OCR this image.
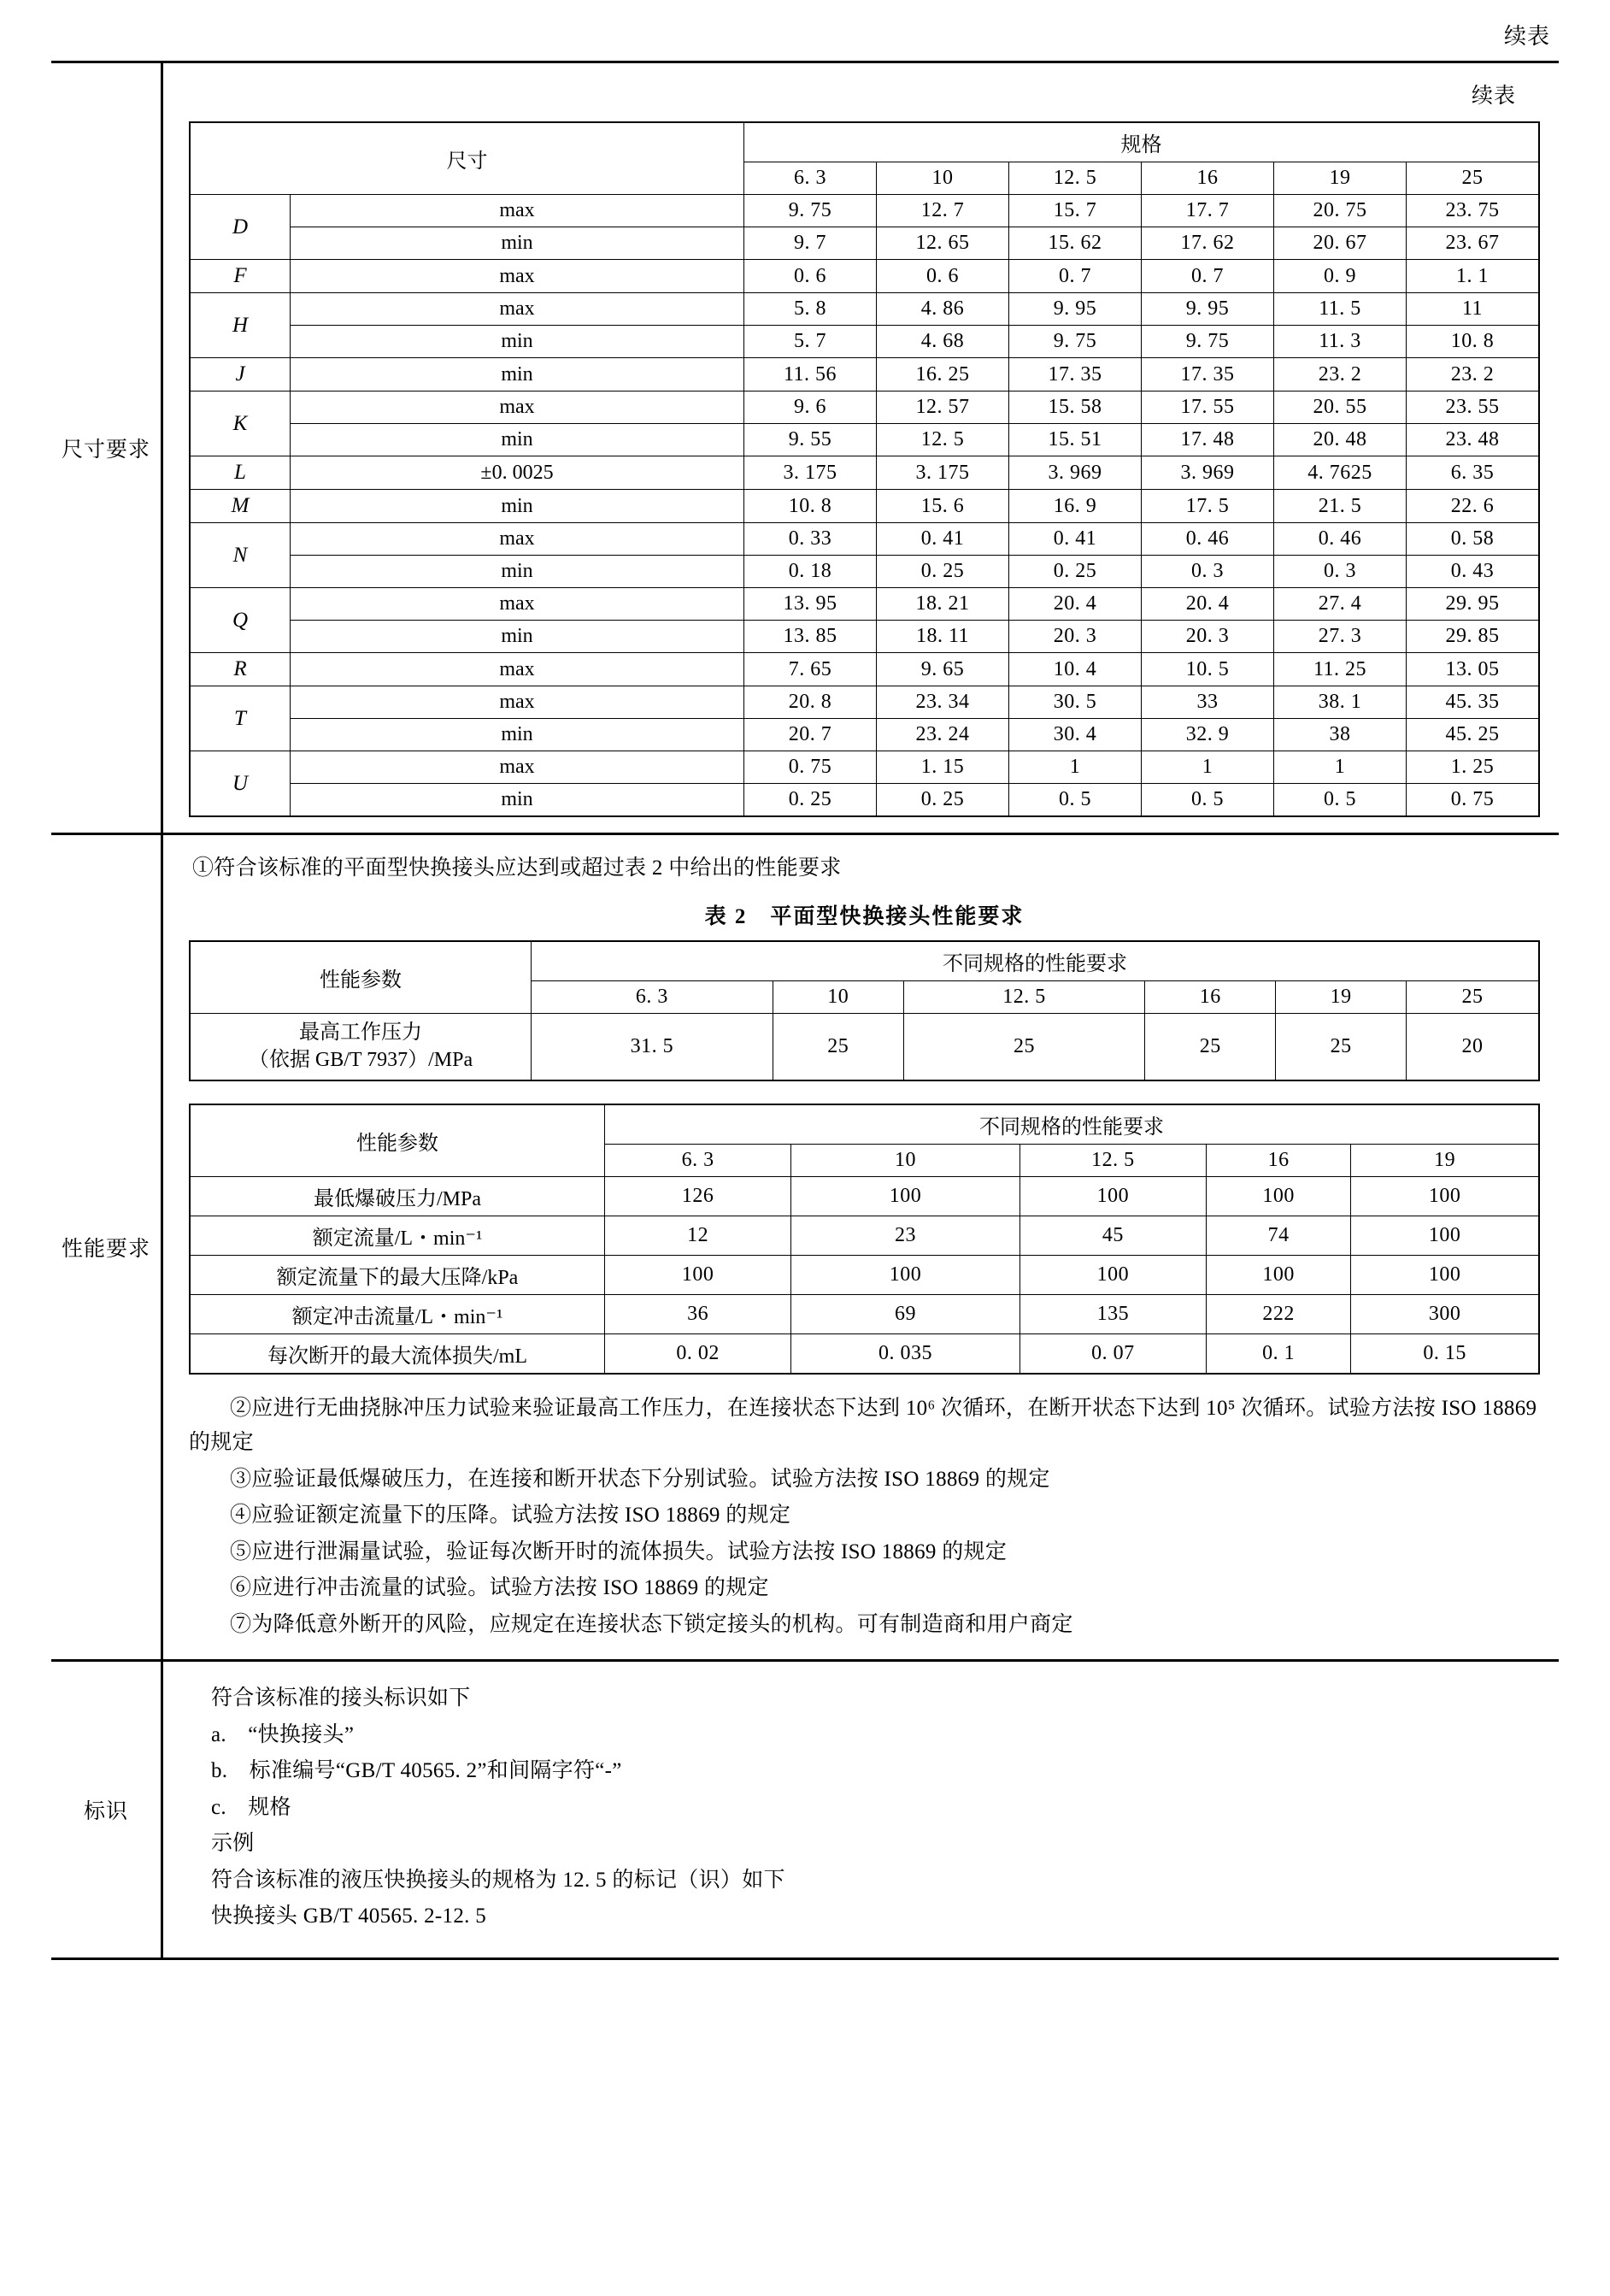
续表
尺寸要求
续表
尺寸		规格					
		6. 3	10	12. 5	16	19	25
D	max	9. 75	12. 7	15. 7	17. 7	20. 75	23. 75
	min	9. 7	12. 65	15. 62	17. 62	20. 67	23. 67
F	max	0. 6	0. 6	0. 7	0. 7	0. 9	1. 1
H	max	5. 8	4. 86	9. 95	9. 95	11. 5	11
	min	5. 7	4. 68	9. 75	9. 75	11. 3	10. 8
J	min	11. 56	16. 25	17. 35	17. 35	23. 2	23. 2
K	max	9. 6	12. 57	15. 58	17. 55	20. 55	23. 55
	min	9. 55	12. 5	15. 51	17. 48	20. 48	23. 48
L	±0. 0025	3. 175	3. 175	3. 969	3. 969	4. 7625	6. 35
M	min	10. 8	15. 6	16. 9	17. 5	21. 5	22. 6
N	max	0. 33	0. 41	0. 41	0. 46	0. 46	0. 58
	min	0. 18	0. 25	0. 25	0. 3	0. 3	0. 43
Q	max	13. 95	18. 21	20. 4	20. 4	27. 4	29. 95
	min	13. 85	18. 11	20. 3	20. 3	27. 3	29. 85
R	max	7. 65	9. 65	10. 4	10. 5	11. 25	13. 05
T	max	20. 8	23. 34	30. 5	33	38. 1	45. 35
	min	20. 7	23. 24	30. 4	32. 9	38	45. 25
U	max	0. 75	1. 15	1	1	1	1. 25
	min	0. 25	0. 25	0. 5	0. 5	0. 5	0. 75
性能要求
①符合该标准的平面型快换接头应达到或超过表 2 中给出的性能要求
表 2　平面型快换接头性能要求
性能参数	不同规格的性能要求					
	6. 3	10	12. 5	16	19	25

最高工作压力
（依据 GB/T 7937）/MPa	31. 5	25	25	25	25	20
性能参数	不同规格的性能要求				
	6. 3	10	12. 5	16	19
最低爆破压力/MPa	126	100	100	100	100
额定流量/L・min⁻¹	12	23	45	74	100
额定流量下的最大压降/kPa	100	100	100	100	100
额定冲击流量/L・min⁻¹	36	69	135	222	300
每次断开的最大流体损失/mL	0. 02	0. 035	0. 07	0. 1	0. 15
②应进行无曲挠脉冲压力试验来验证最高工作压力，在连接状态下达到 10⁶ 次循环，在断开状态下达到 10⁵ 次循环。试验方法按 ISO 18869 的规定
③应验证最低爆破压力，在连接和断开状态下分别试验。试验方法按 ISO 18869 的规定
④应验证额定流量下的压降。试验方法按 ISO 18869 的规定
⑤应进行泄漏量试验，验证每次断开时的流体损失。试验方法按 ISO 18869 的规定
⑥应进行冲击流量的试验。试验方法按 ISO 18869 的规定
⑦为降低意外断开的风险，应规定在连接状态下锁定接头的机构。可有制造商和用户商定
标识
符合该标准的接头标识如下
a.　“快换接头”
b.　标准编号“GB/T 40565. 2”和间隔字符“-”
c.　规格
示例
符合该标准的液压快换接头的规格为 12. 5 的标记（识）如下
快换接头 GB/T 40565. 2-12. 5
